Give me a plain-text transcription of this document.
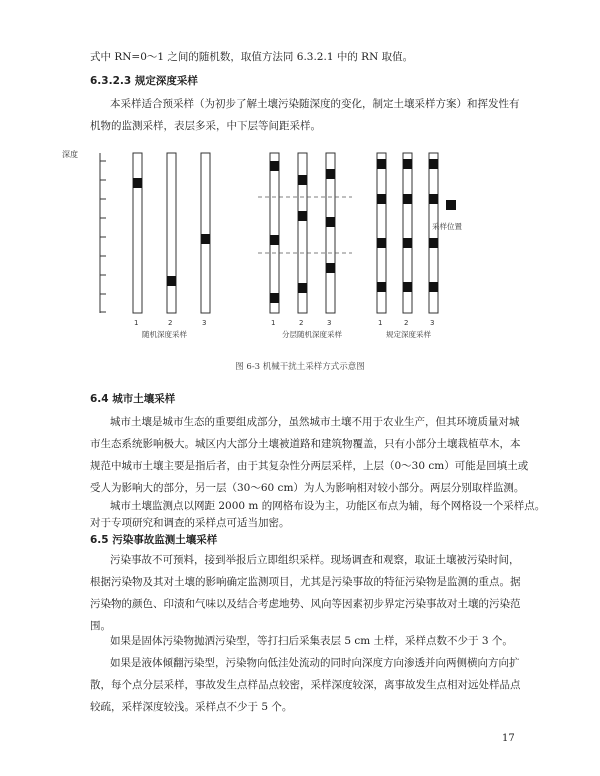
式中 RN=0～1 之间的随机数，取值方法同 6.3.2.1 中的 RN 取值。
6.3.2.3 规定深度采样
本采样适合预采样（为初步了解土壤污染随深度的变化，制定土壤采样方案）和挥发性有
机物的监测采样，表层多采，中下层等间距采样。
深度
1	2	3
随机深度采样
1	2	3
分层随机深度采样
1	2	3
规定深度采样
采样位置
图 6-3 机械干扰土采样方式示意图
6.4 城市土壤采样
城市土壤是城市生态的重要组成部分，虽然城市土壤不用于农业生产，但其环境质量对城
市生态系统影响极大。城区内大部分土壤被道路和建筑物覆盖，只有小部分土壤栽植草木，本
规范中城市土壤主要是指后者，由于其复杂性分两层采样，上层（0～30 cm）可能是回填土或
受人为影响大的部分，另一层（30～60 cm）为人为影响相对较小部分。两层分别取样监测。
城市土壤监测点以网距 2000 m 的网格布设为主，功能区布点为辅，每个网格设一个采样点。
对于专项研究和调查的采样点可适当加密。
6.5 污染事故监测土壤采样
污染事故不可预料，接到举报后立即组织采样。现场调查和观察，取证土壤被污染时间，
根据污染物及其对土壤的影响确定监测项目，尤其是污染事故的特征污染物是监测的重点。据
污染物的颜色、印渍和气味以及结合考虑地势、风向等因素初步界定污染事故对土壤的污染范
围。
如果是固体污染物抛洒污染型，等打扫后采集表层 5 cm 土样，采样点数不少于 3 个。
如果是液体倾翻污染型，污染物向低洼处流动的同时向深度方向渗透并向两侧横向方向扩
散，每个点分层采样，事故发生点样品点较密，采样深度较深，离事故发生点相对远处样品点
较疏，采样深度较浅。采样点不少于 5 个。
17
